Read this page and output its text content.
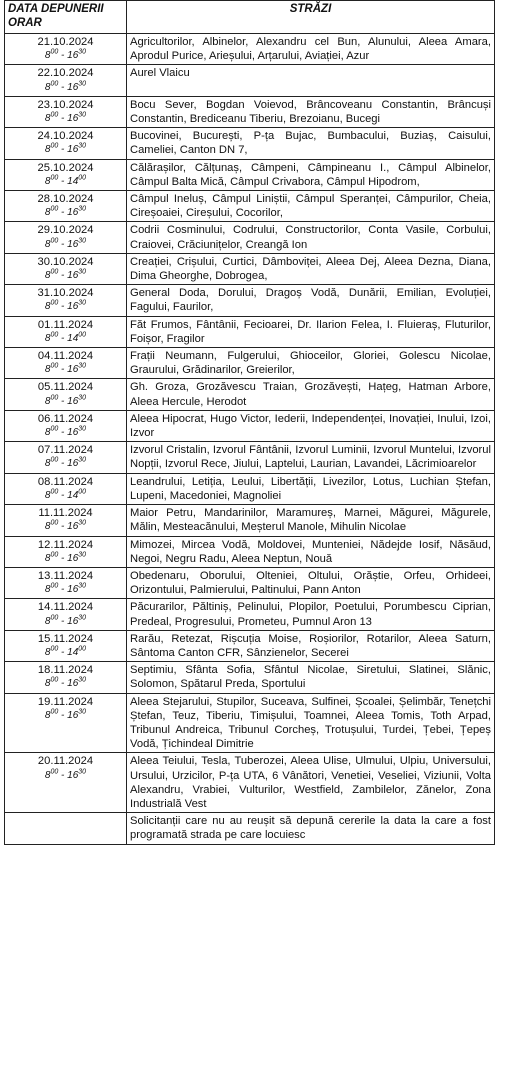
DATA DEPUNERII ORAR	STRĂZI

21.10.2024
$8^{00} - 16^{30}$	Agricultorilor, Albinelor, Alexandru cel Bun, Alunului, Aleea Amara, Aprodul Purice, Arieșului, Arțarului, Aviației, Azur

22.10.2024
$8^{00} - 16^{30}$	Aurel Vlaicu

23.10.2024
$8^{00} - 16^{30}$	Bocu Sever, Bogdan Voievod, Brâncoveanu Constantin, Brâncuși Constantin, Brediceanu Tiberiu, Brezoianu, Bucegi

24.10.2024
$8^{00} - 16^{30}$	Bucovinei, București, P-ța Bujac, Bumbacului, Buziaș, Caisului, Cameliei, Canton DN 7,

25.10.2024
$8^{00} - 14^{00}$	Călărașilor, Călțunaș, Câmpeni, Câmpineanu I., Câmpul Albinelor, Câmpul Balta Mică, Câmpul Crivabora, Câmpul Hipodrom,

28.10.2024
$8^{00} - 16^{30}$	Câmpul Ineluș, Câmpul Liniștii, Câmpul Speranței, Câmpurilor, Cheia, Cireșoaiei, Cireșului, Cocorilor,

29.10.2024
$8^{00} - 16^{30}$	Codrii Cosminului, Codrului, Constructorilor, Conta Vasile, Corbului, Craiovei, Crăciunițelor, Creangă Ion

30.10.2024
$8^{00} - 16^{30}$	Creației, Crișului, Curtici, Dâmboviței, Aleea Dej, Aleea Dezna, Diana, Dima Gheorghe, Dobrogea,

31.10.2024
$8^{00} - 16^{30}$	General Doda, Dorului, Dragoș Vodă, Dunării, Emilian, Evoluției, Fagului, Faurilor,

01.11.2024
$8^{00} - 14^{00}$	Făt Frumos, Fântânii, Fecioarei, Dr. Ilarion Felea, I. Fluieraș, Fluturilor, Foișor, Fragilor

04.11.2024
$8^{00} - 16^{30}$	Frații Neumann, Fulgerului, Ghioceilor, Gloriei, Golescu Nicolae, Graurului, Grădinarilor, Greierilor,

05.11.2024
$8^{00} - 16^{30}$	Gh. Groza, Grozăvescu Traian, Grozăvești, Hațeg, Hatman Arbore, Aleea Hercule, Herodot

06.11.2024
$8^{00} - 16^{30}$	Aleea Hipocrat, Hugo Victor, Iederii, Independenței, Inovației, Inului, Izoi, Izvor

07.11.2024
$8^{00} - 16^{30}$	Izvorul Cristalin, Izvorul Fântânii, Izvorul Luminii, Izvorul Muntelui, Izvorul Nopții, Izvorul Rece, Jiului, Laptelui, Laurian, Lavandei, Lăcrimioarelor

08.11.2024
$8^{00} - 14^{00}$	Leandrului, Letiția, Leului, Libertății, Livezilor, Lotus, Luchian Ștefan, Lupeni, Macedoniei, Magnoliei

11.11.2024
$8^{00} - 16^{30}$	Maior Petru, Mandarinilor, Maramureș, Marnei, Măgurei, Măgurele, Mălin, Mesteacănului, Meșterul Manole, Mihulin Nicolae

12.11.2024
$8^{00} - 16^{30}$	Mimozei, Mircea Vodă, Moldovei, Munteniei, Nădejde Iosif, Năsăud, Negoi, Negru Radu, Aleea Neptun, Nouă

13.11.2024
$8^{00} - 16^{30}$	Obedenaru, Oborului, Olteniei, Oltului, Orăștie, Orfeu, Orhideei, Orizontului, Palmierului, Paltinului, Pann Anton

14.11.2024
$8^{00} - 16^{30}$	Păcurarilor, Păltiniș, Pelinului, Plopilor, Poetului, Porumbescu Ciprian, Predeal, Progresului, Prometeu, Pumnul Aron 13

15.11.2024
$8^{00} - 14^{00}$	Rarău, Retezat, Rișcuția Moise, Roșiorilor, Rotarilor, Aleea Saturn, Sântoma Canton CFR, Sânzienelor, Secerei

18.11.2024
$8^{00} - 16^{30}$	Septimiu, Sfânta Sofia, Sfântul Nicolae, Siretului, Slatinei, Slănic, Solomon, Spătarul Preda, Sportului

19.11.2024
$8^{00} - 16^{30}$	Aleea Stejarului, Stupilor, Suceava, Sulfinei, Școalei, Șelimbăr, Tenețchi Ștefan, Teuz, Tiberiu, Timișului, Toamnei, Aleea Tomis, Toth Arpad, Tribunul Andreica, Tribunul Corcheș, Trotușului, Turdei, Țebei, Țepeș Vodă, Țichindeal Dimitrie

20.11.2024
$8^{00} - 16^{30}$	Aleea Teiului, Tesla, Tuberozei, Aleea Ulise, Ulmului, Ulpiu, Universului, Ursului, Urzicilor, P-ța UTA, 6 Vânători, Venetiei, Veseliei, Viziunii, Volta Alexandru, Vrabiei, Vulturilor, Westfield, Zambilelor, Zănelor, Zona Industrială Vest
	Solicitanții care nu au reușit să depună cererile la data la care a fost programată strada pe care locuiesc
